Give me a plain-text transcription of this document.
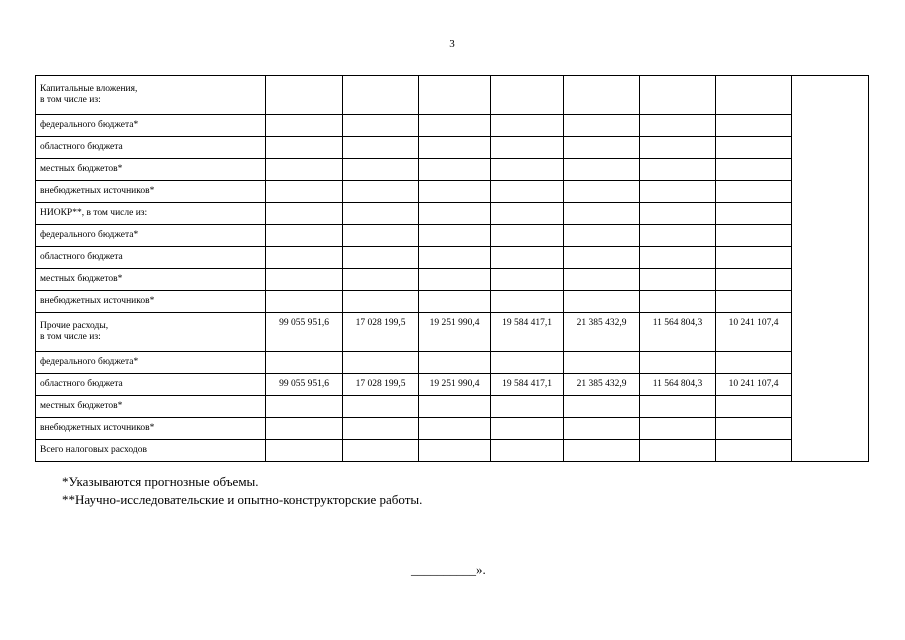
3
Капитальные вложения,
в том числе из:								

федерального бюджета*								

областного бюджета								

местных бюджетов*								

внебюджетных источников*								

НИОКР**, в том числе из:								

федерального бюджета*								

областного бюджета								

местных бюджетов*								

внебюджетных источников*								

Прочие расходы,
в том числе из:	99 055 951,6	17 028 199,5	19 251 990,4	19 584 417,1	21 385 432,9	11 564 804,3	10 241 107,4	

федерального бюджета*								

областного бюджета	99 055 951,6	17 028 199,5	19 251 990,4	19 584 417,1	21 385 432,9	11 564 804,3	10 241 107,4	

местных бюджетов*								

внебюджетных источников*								

Всего налоговых расходов								

*Указываются прогнозные объемы.
**Научно-исследовательские и опытно-конструкторские работы.
__________».
